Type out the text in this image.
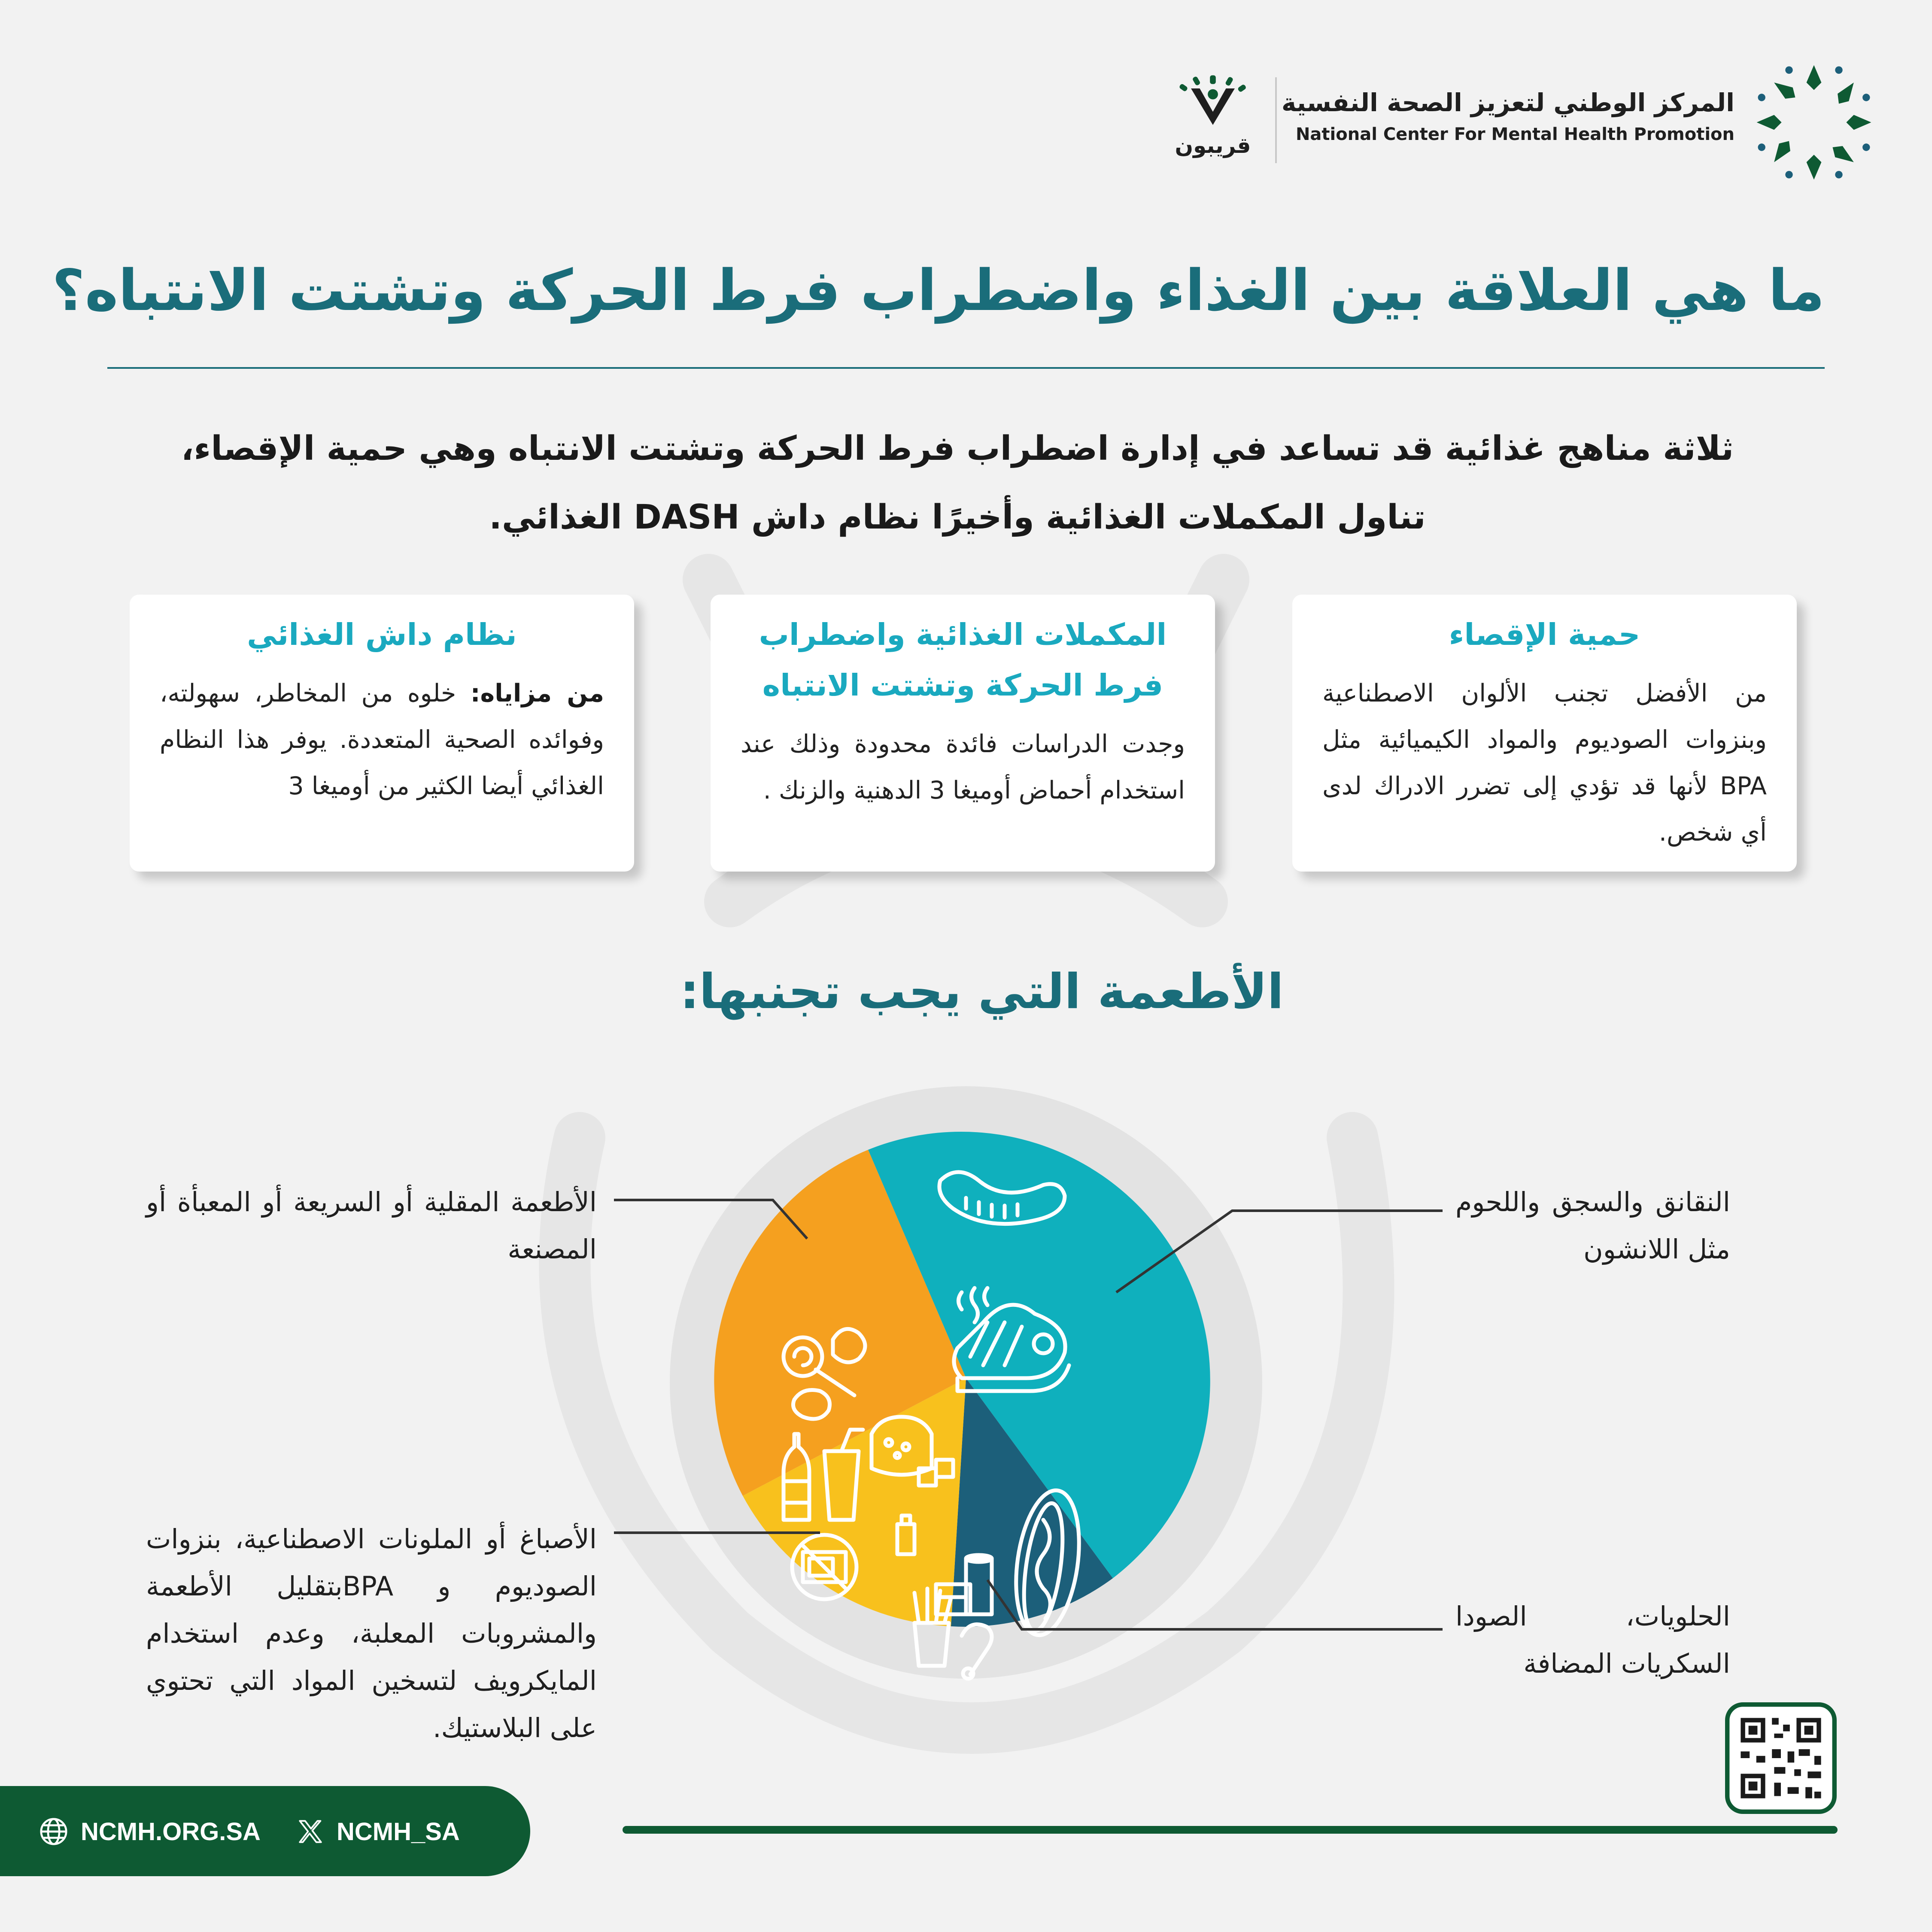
المركز الوطني لتعزيز الصحة النفسية
National Center For Mental Health Promotion
قريبون
ما هي العلاقة بين الغذاء واضطراب فرط الحركة وتشتت الانتباه؟
ثلاثة مناهج غذائية قد تساعد في إدارة اضطراب فرط الحركة وتشتت الانتباه وهي حمية الإقصاء،
تناول المكملات الغذائية وأخيرًا نظام داش DASH الغذائي.

حمية الإقصاء

من الأفضل تجنب الألوان الاصطناعية وبنزوات الصوديوم والمواد الكيميائية مثل BPA لأنها قد تؤدي إلى تضرر الادراك لدى أي شخص.

المكملات الغذائية واضطراب
فرط الحركة وتشتت الانتباه

وجدت الدراسات فائدة محدودة وذلك عند استخدام أحماض أوميغا 3 الدهنية والزنك .

نظام داش الغذائي

من مزاياه: خلوه من المخاطر، سهولته، وفوائده الصحية المتعددة. يوفر هذا النظام الغذائي أيضا الكثير من أوميغا 3
الأطعمة التي يجب تجنبها:
النقانق والسجق واللحوم مثل اللانشون
الحلويات، الصودا السكريات المضافة
الأطعمة المقلية أو السريعة أو المعبأة أو المصنعة
الأصباغ أو الملونات الاصطناعية، بنزوات الصوديوم و BPAبتقليل الأطعمة والمشروبات المعلبة، وعدم استخدام المايكرويف لتسخين المواد التي تحتوي على البلاستيك.
NCMH.ORG.SA	NCMH_SA
